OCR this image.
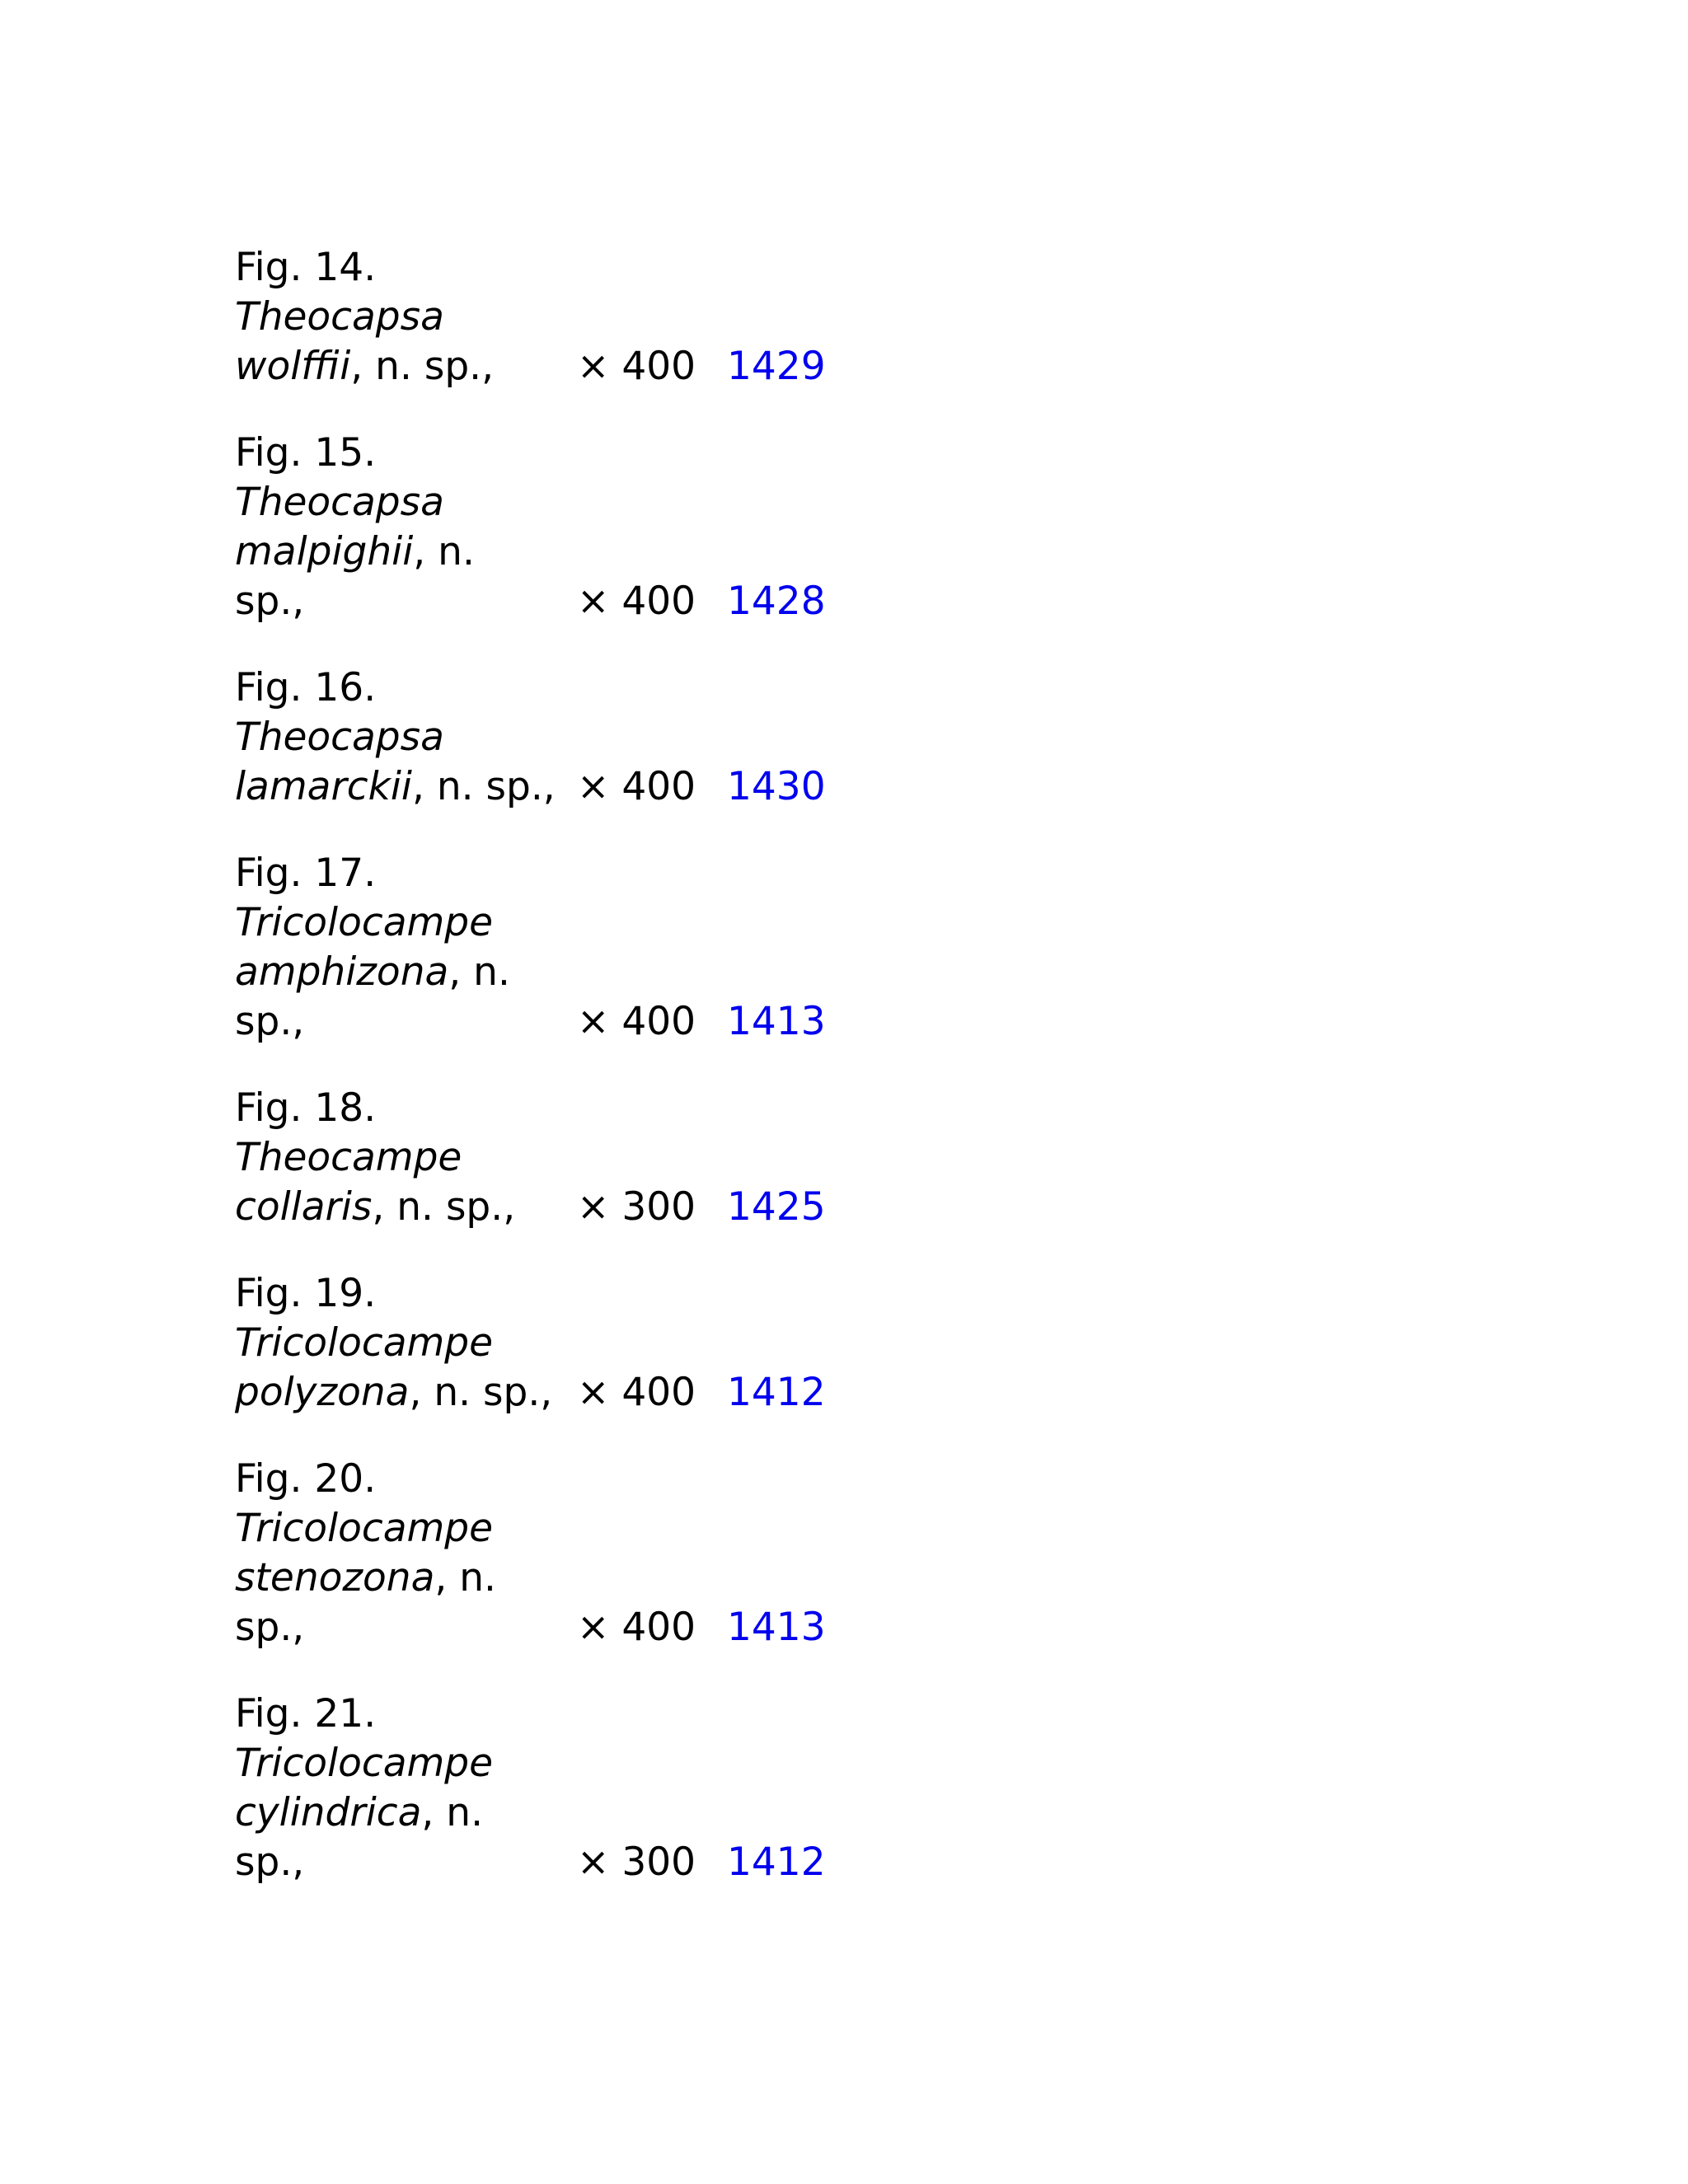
Fig. 14.
Theocapsa wolffii, n. sp.,	× 400 1429
Fig. 15.
Theocapsa malpighii, n. sp.,	× 400 1428
Fig. 16.
Theocapsa lamarckii, n. sp., × 400 1430
Fig. 17.
Tricolocampe amphizona, n. sp.,	× 400 1413
Fig. 18.
Theocampe collaris, n. sp.,	× 300 1425
Fig. 19.
Tricolocampe polyzona, n. sp., × 400 1412
Fig. 20.
Tricolocampe stenozona, n. sp.,	× 400 1413
Fig. 21.
Tricolocampe cylindrica, n. sp.,	× 300 1412
